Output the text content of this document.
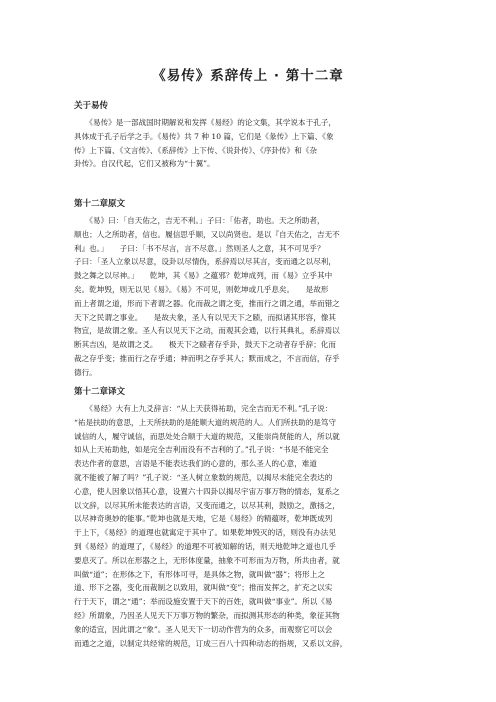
《易传》系辞传上 · 第十二章
关于易传
　　《易传》是一部战国时期解说和发挥《易经》的论文集，其学说本于孔子，
具体成于孔子后学之手。《易传》共 7 种 10 篇，它们是《彖传》上下篇、《象
传》上下篇、《文言传》、《系辞传》上下传、《说卦传》、《序卦传》和《杂
卦传》。自汉代起，它们又被称为“十翼”。
第十二章原文
　　《易》曰：「自天佑之，吉无不利。」子曰：「佑者，助也。天之所助者，
顺也；人之所助者，信也。履信思乎顺，又以尚贤也。是以『自天佑之，吉无不
利』也。」　　子曰：「书不尽言，言不尽意。」然则圣人之意，其不可见乎？
子曰：「圣人立象以尽意，设卦以尽情伪，系辞焉以尽其言，变而通之以尽利，
鼓之舞之以尽神。」　　乾坤，其《易》之蕴邪？乾坤成列，而《易》立乎其中
矣。乾坤毁，则无以见《易》。《易》不可见，则乾坤或几乎息矣。　　是故形
而上者谓之道，形而下者谓之器。化而裁之谓之变，推而行之谓之通，举而错之
天下之民谓之事业。　　是故夫象，圣人有以见天下之赜，而拟诸其形容，像其
物宜，是故谓之象。圣人有以见天下之动，而观其会通，以行其典礼，系辞焉以
断其吉凶，是故谓之爻。　　极天下之赜者存乎卦，鼓天下之动者存乎辞；化而
裁之存乎变；推而行之存乎通；神而明之存乎其人；默而成之，不言而信，存乎
德行。
第十二章译文
　　《易经》大有上九爻辞言：“从上天获得祐助，完全吉而无不利。”孔子说：
“祐是扶助的意思，上天所扶助的是能顺大道的规范的人。人们所扶助的是笃守
诚信的人，履守诚信，而思处处合顺于大道的规范，又能崇尚贤能的人，所以就
如从上天祐助他，如是完全吉利而没有不吉利的了。”孔子说：“书是不能完全
表达作者的意思，言语是不能表达我们的心意的，那么圣人的心意，难道
就不能被了解了吗？”孔子说：“圣人树立象数的规范，以揭尽未能完全表达的
心意，使人因象以悟其心意，设置六十四卦以揭尽宇宙万事万物的情态，复系之
以文辞，以尽其所未能表达的言语，又变而通之，以尽其利，鼓励之，激扬之，
以尽神奇奥妙的能事。”乾坤也就是天地，它是《易经》的精蕴呀，乾坤既成列
于上下，《易经》的道理也就寓定于其中了。如果乾坤毁灭的话，则没有办法见
到《易经》的道理了，《易经》的道理不可被知解的话，则天地乾坤之道也几乎
要息灭了。所以在形器之上，无形体度量，抽象不可形而为万物，所共由者，就
叫做“道”；在形体之下，有形体可寻，是具体之物，就叫做“器”；将形上之
道、形下之器，变化而裁制之以致用，就叫做“变”；推而发挥之，扩充之以实
行于天下，谓之“通”；举而设施安置于天下的百姓，就叫做“事业”。所以《易
经》所谓象，乃因圣人见天下万事万物的繁杂，而拟测其形态的种类，象征其物
象的适宜，因此谓之“象”。圣人见天下一切动作营为的众多，而观察它可以会
而通之之道，以制定共经常的规范，订成三百八十四种动态的指规，又系以文辞，
